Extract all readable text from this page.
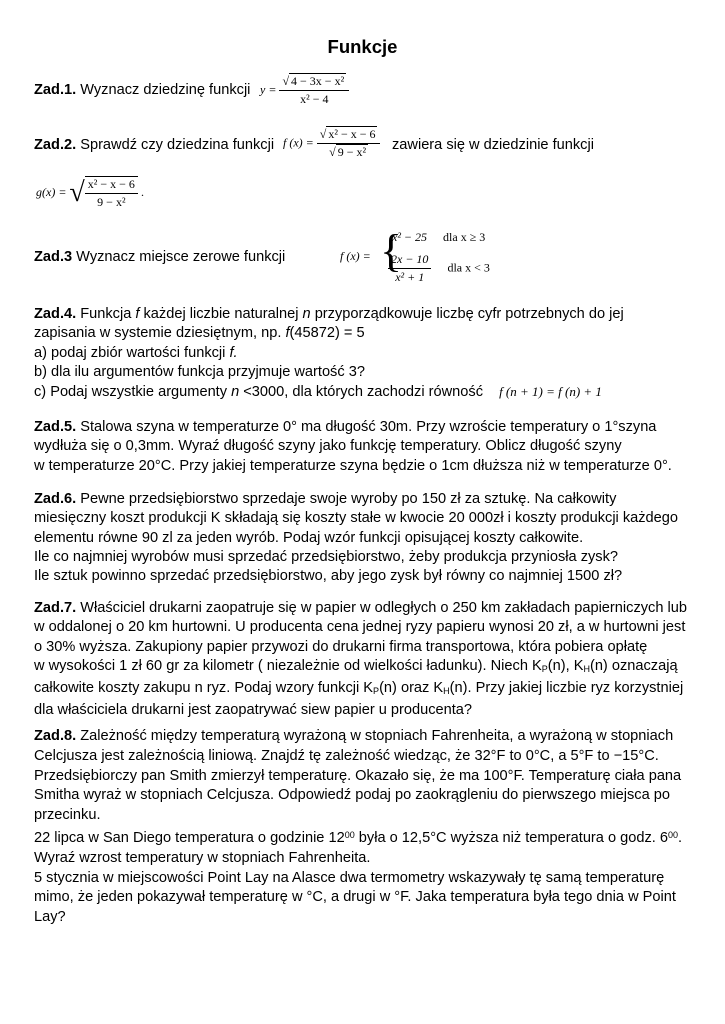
Funkcje

Zad.1. Wyznacz dziedzinę funkcji $y = \frac{\text{√ 4 − 3x − x²}}{\text{x² − 4}}$

Zad.2. Sprawdź czy dziedzina funkcji f $(x) = \frac{\text{√ x² − x − 6}}{\text{√ 9 − x²}}$ zawiera się w dziedzinie funkcji
g(x) = √ $\frac{\text{x² − x − 6}}{\text{9 − x²}}$ .

Zad.3 Wyznacz miejsce zerowe funkcji	f (x) = {
x² − 25 dla x ≥ 3
$\frac{2x - 10}{\text{x² + 1}}$ dla x < 3

Zad.4. Funkcja f każdej liczbie naturalnej n przyporządkowuje liczbę cyfr potrzebnych do jej

zapisania w systemie dziesiętnym, np. f(45872) = 5

a) podaj zbiór wartości funkcji f.

b) dla ilu argumentów funkcja przyjmuje wartość 3?

c) Podaj wszystkie argumenty n <3000, dla których zachodzi równość f (n + 1) = f (n) + 1

Zad.5. Stalowa szyna w temperaturze 0° ma długość 30m. Przy wzroście temperatury o 1°szyna

wydłuża się o 0,3mm. Wyraź długość szyny jako funkcję temperatury. Oblicz długość szyny

w temperaturze 20°C. Przy jakiej temperaturze szyna będzie o 1cm dłuższa niż w temperaturze 0°.

Zad.6. Pewne przedsiębiorstwo sprzedaje swoje wyroby po 150 zł za sztukę. Na całkowity

miesięczny koszt produkcji K składają się koszty stałe w kwocie 20 000zł i koszty produkcji każdego

elementu równe 90 zl za jeden wyrób. Podaj wzór funkcji opisującej koszty całkowite.

Ile co najmniej wyrobów musi sprzedać przedsiębiorstwo, żeby produkcja przyniosła zysk?

Ile sztuk powinno sprzedać przedsiębiorstwo, aby jego zysk był równy co najmniej 1500 zł?

Zad.7. Właściciel drukarni zaopatruje się w papier w odległych o 250 km zakładach papierniczych lub

w oddalonej o 20 km hurtowni. U producenta cena jednej ryzy papieru wynosi 20 zł, a w hurtowni jest

o 30% wyższa. Zakupiony papier przywozi do drukarni firma transportowa, która pobiera opłatę

w wysokości 1 zł 60 gr za kilometr ( niezależnie od wielkości ładunku). Niech $K_P(n)$, $K_H(n)$ oznaczają

całkowite koszty zakupu n ryz. Podaj wzory funkcji $K_P(n)$ oraz $K_H(n)$. Przy jakiej liczbie ryz korzystniej

dla właściciela drukarni jest zaopatrywać siew papier u producenta?

Zad.8. Zależność między temperaturą wyrażoną w stopniach Fahrenheita, a wyrażoną w stopniach

Celcjusza jest zależnością liniową. Znajdź tę zależność wiedząc, że 32°F to 0°C, a 5°F to −15°C.

Przedsiębiorczy pan Smith zmierzył temperaturę. Okazało się, że ma 100°F. Temperaturę ciała pana

Smitha wyraż w stopniach Celcjusza. Odpowiedź podaj po zaokrągleniu do pierwszego miejsca po

przecinku.

22 lipca w San Diego temperatura o godzinie $12^{00}$ była o 12,5°C wyższa niż temperatura o godz. $6^{00}$.

Wyraź wzrost temperatury w stopniach Fahrenheita.

5 stycznia w miejscowości Point Lay na Alasce dwa termometry wskazywały tę samą temperaturę

mimo, że jeden pokazywał temperaturę w °C, a drugi w °F. Jaka temperatura była tego dnia w Point

Lay?
